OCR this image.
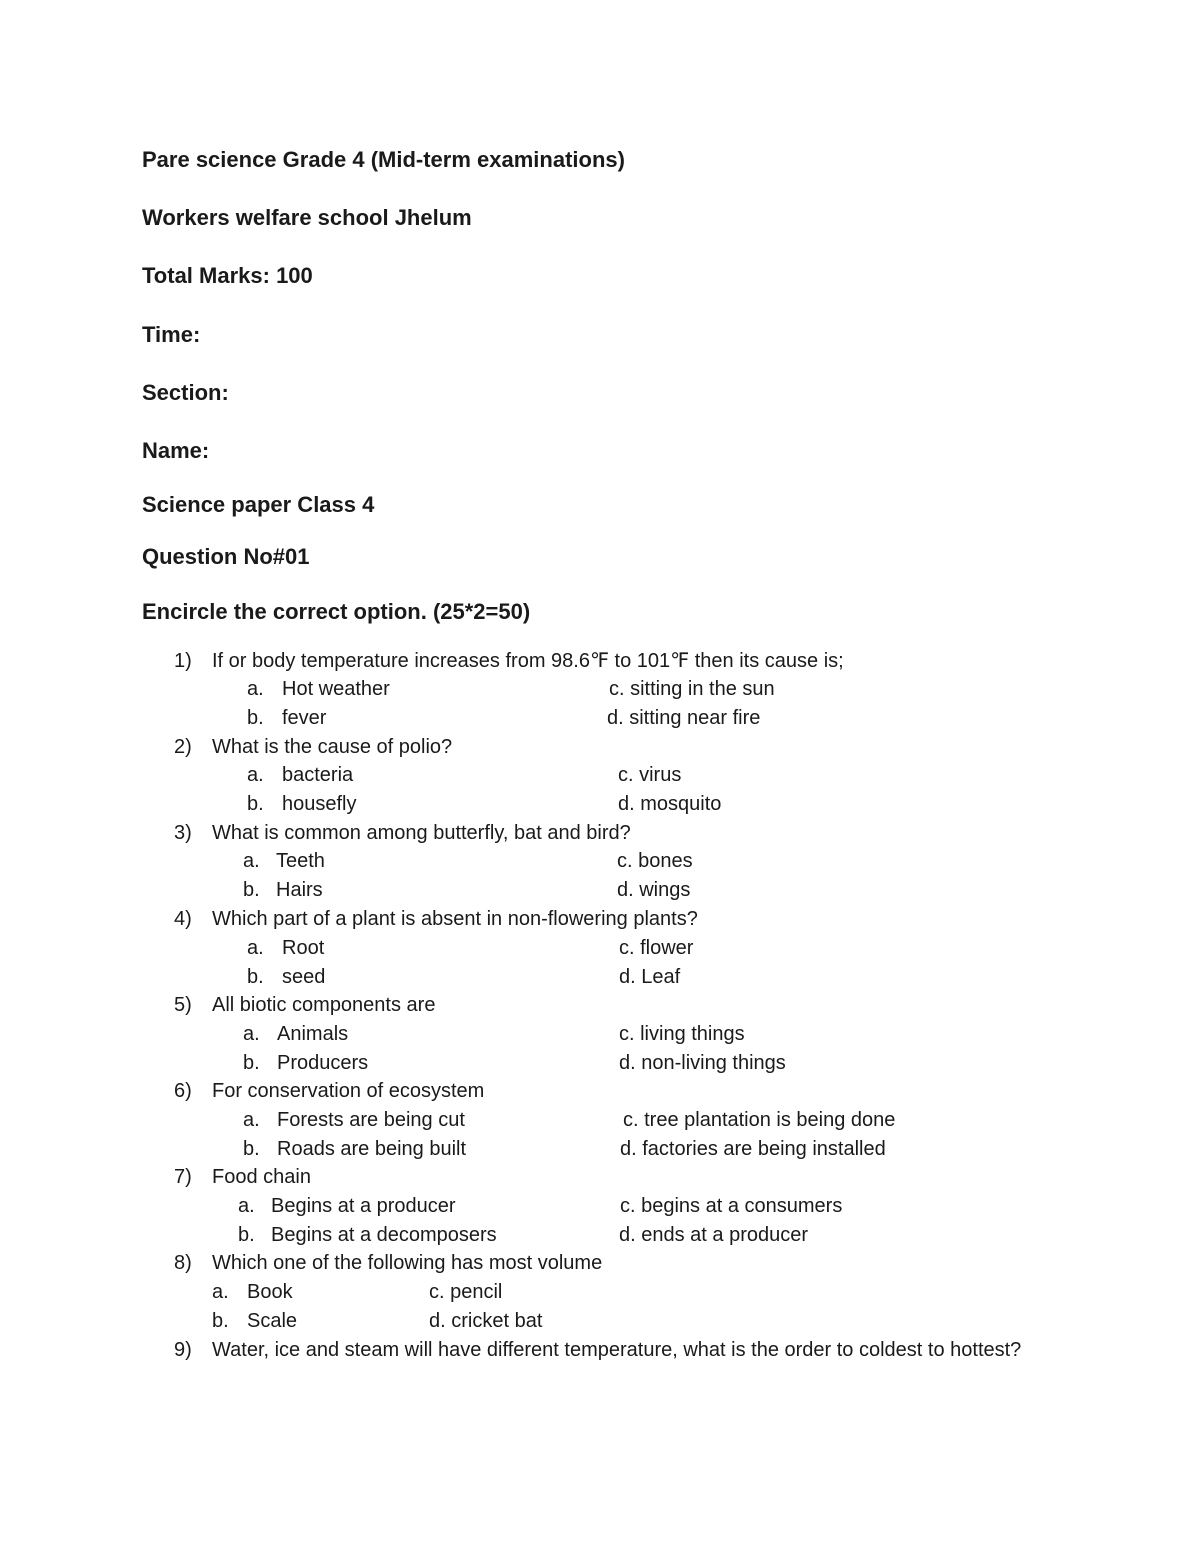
Pare science Grade 4 (Mid-term examinations)
Workers welfare school Jhelum
Total Marks: 100
Time:
Section:
Name:
Science paper Class 4
Question No#01
Encircle the correct option. (25*2=50)
1) If or body temperature increases from 98.6℉ to 101℉ then its cause is;
a. Hot weather	c. sitting in the sun
b. fever	d. sitting near fire
2) What is the cause of polio?
a. bacteria	c. virus
b. housefly	d. mosquito
3) What is common among butterfly, bat and bird?
a. Teeth	c. bones
b. Hairs	d. wings
4) Which part of a plant is absent in non-flowering plants?
a. Root	c. flower
b. seed	d. Leaf
5) All biotic components are
a. Animals	c. living things
b. Producers	d. non-living things
6) For conservation of ecosystem
a. Forests are being cut	c. tree plantation is being done
b. Roads are being built	d. factories are being installed
7) Food chain
a. Begins at a producer	c. begins at a consumers
b. Begins at a decomposers	d. ends at a producer
8) Which one of the following has most volume
a. Book	c. pencil
b. Scale	d. cricket bat
9) Water, ice and steam will have different temperature, what is the order to coldest to hottest?
